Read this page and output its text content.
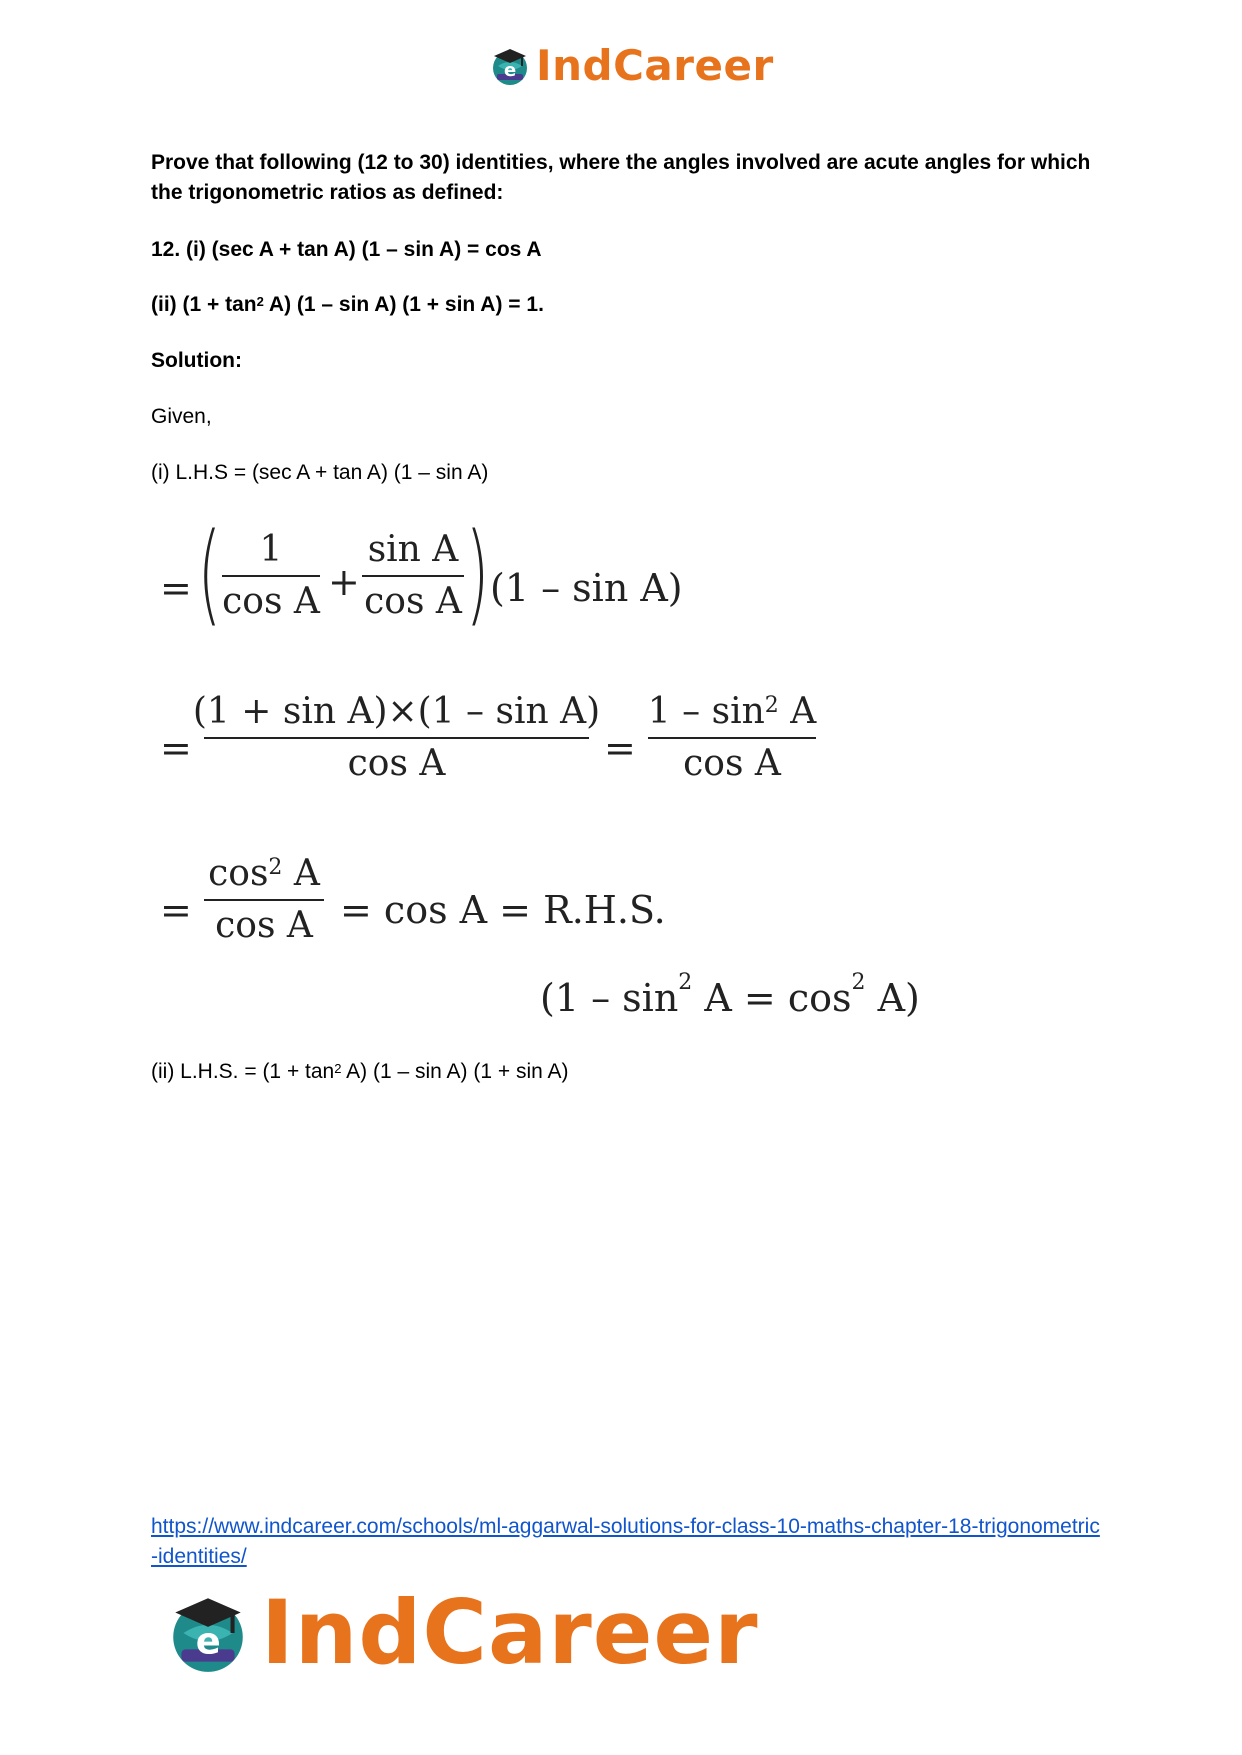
e IndCareer
Prove that following (12 to 30) identities, where the angles involved are acute angles for which the trigonometric ratios as defined:
12. (i) (sec A + tan A) (1 – sin A) = cos A
(ii) $(1 + \tan^2 A)$ (1 – sin A) (1 + sin A) = 1.
Solution:
Given,
(i) L.H.S = (sec A + tan A) (1 – sin A)
= ( 1
cos A +
sin A
cos A ) (1 – sin A)
=
(1 + sin A)×(1 – sin A)
cos A	=
$1 - \sin^2 A$
cos A
=
$\cos^2 A$
cos A = cos A = R.H.S.
$(1 - \sin^2 A = \cos^2 A)$
(ii) L.H.S. = $(1 + \tan^2 A)$ (1 – sin A) (1 + sin A)
https://www.indcareer.com/schools/ml-aggarwal-solutions-for-class-10-maths-chapter-18-trigonometric-identities/
e IndCareer
